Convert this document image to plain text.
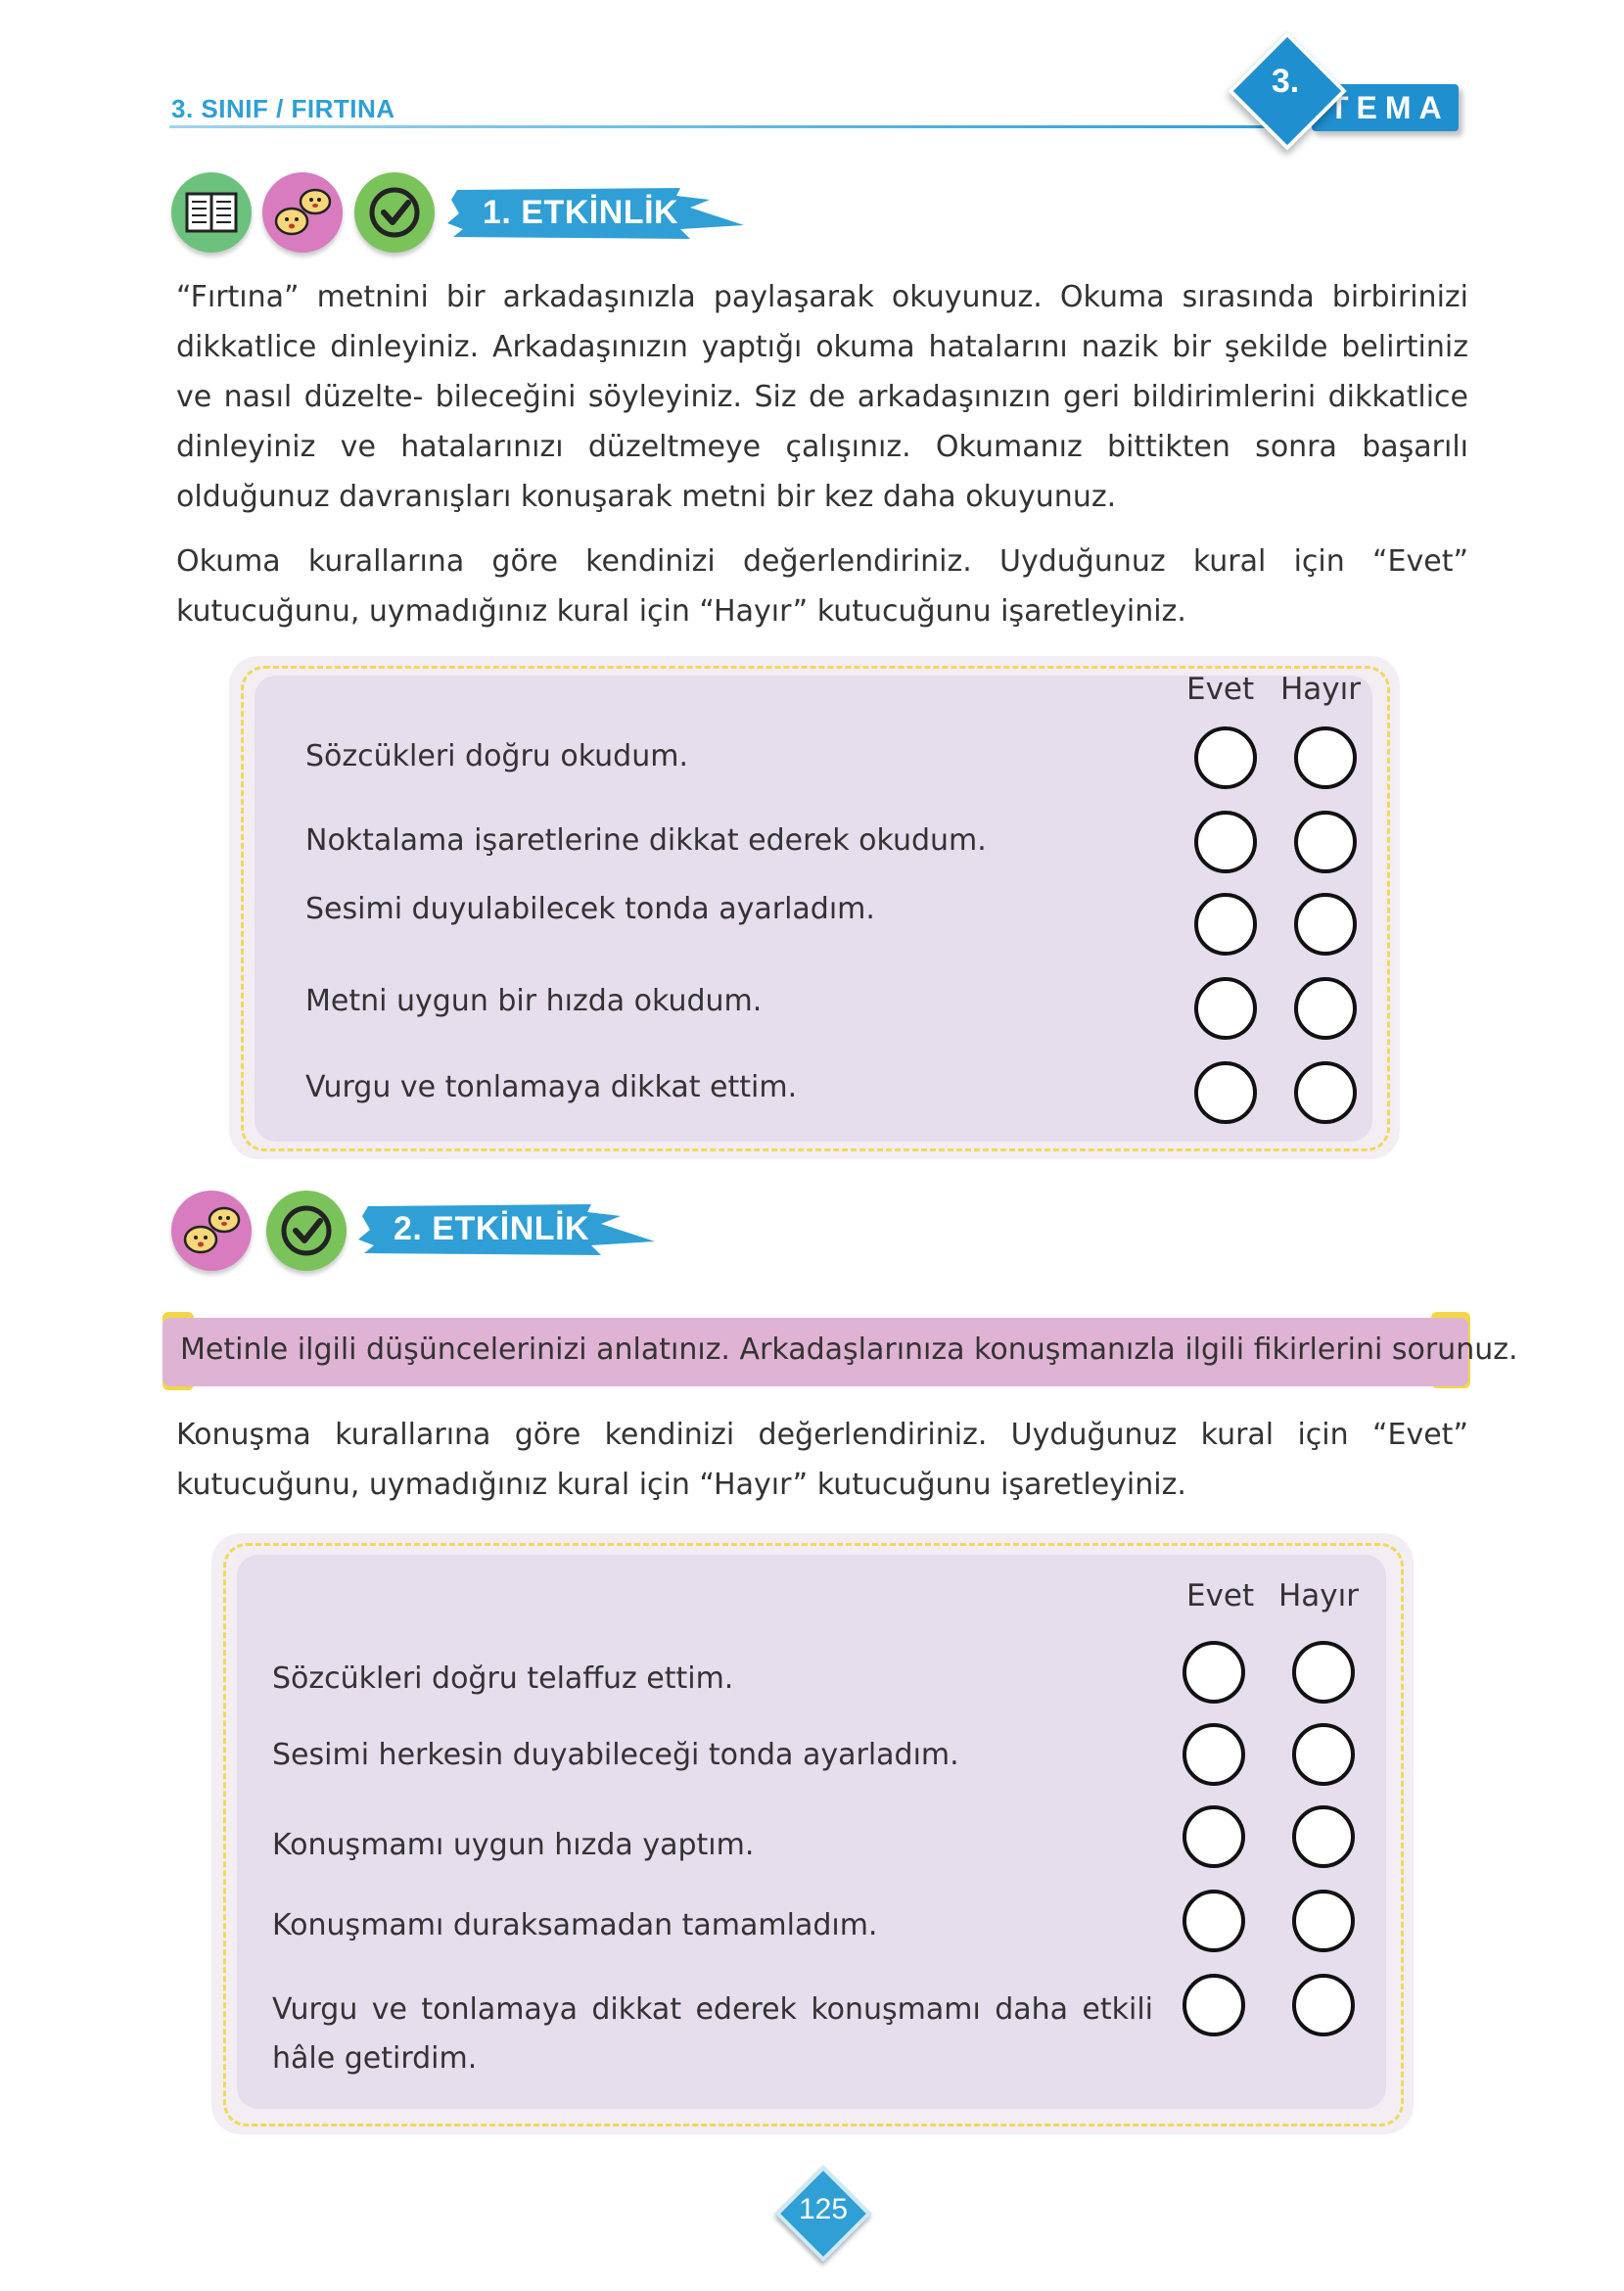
3. SINIF / FIRTINA	TEMA
3.
1. ETKİNLİK
“Fırtına” metnini bir arkadaşınızla paylaşarak okuyunuz. Okuma sırasında birbirinizi dikkatlice dinleyiniz. Arkadaşınızın yaptığı okuma hatalarını nazik bir şekilde belirtiniz ve nasıl düzelte- bileceğini söyleyiniz. Siz de arkadaşınızın geri bildirimlerini dikkatlice dinleyiniz ve hatalarınızı düzeltmeye çalışınız. Okumanız bittikten sonra başarılı olduğunuz davranışları konuşarak metni bir kez daha okuyunuz.
Okuma kurallarına göre kendinizi değerlendiriniz. Uyduğunuz kural için “Evet” kutucuğunu, uymadığınız kural için “Hayır” kutucuğunu işaretleyiniz.
Evet Hayır
Sözcükleri doğru okudum.
Noktalama işaretlerine dikkat ederek okudum.
Sesimi duyulabilecek tonda ayarladım.
Metni uygun bir hızda okudum.
Vurgu ve tonlamaya dikkat ettim.
2. ETKİNLİK
Metinle ilgili düşüncelerinizi anlatınız. Arkadaşlarınıza konuşmanızla ilgili fikirlerini sorunuz.
Konuşma kurallarına göre kendinizi değerlendiriniz. Uyduğunuz kural için “Evet” kutucuğunu, uymadığınız kural için “Hayır” kutucuğunu işaretleyiniz.
Evet Hayır
Sözcükleri doğru telaffuz ettim.
Sesimi herkesin duyabileceği tonda ayarladım.
Konuşmamı uygun hızda yaptım.
Konuşmamı duraksamadan tamamladım.
Vurgu ve tonlamaya dikkat ederek konuşmamı daha etkili hâle getirdim.
125
